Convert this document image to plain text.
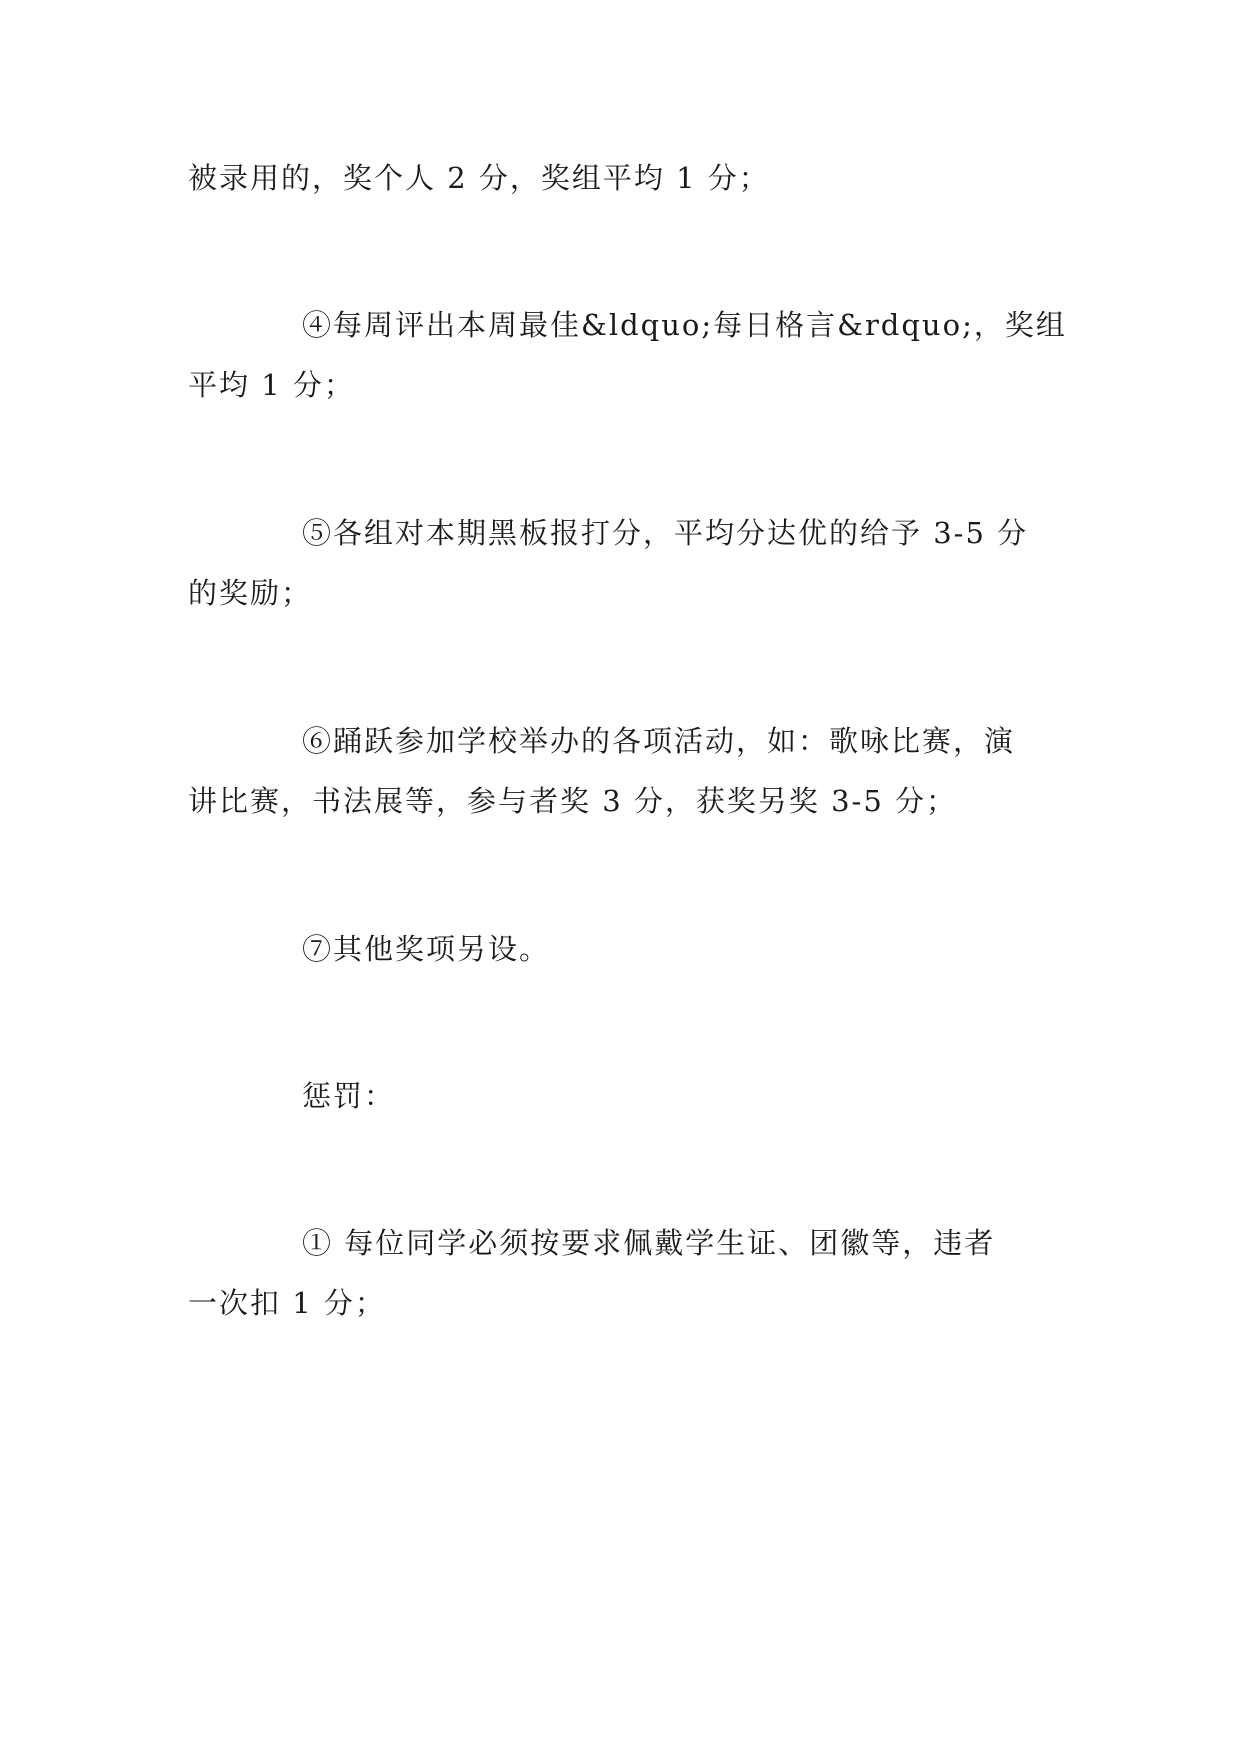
被录用的，奖个人 2 分，奖组平均 1 分；
④每周评出本周最佳&ldquo;每日格言&rdquo;，奖组
平均 1 分；
⑤各组对本期黑板报打分，平均分达优的给予 3-5 分
的奖励；
⑥踊跃参加学校举办的各项活动，如：歌咏比赛，演
讲比赛，书法展等，参与者奖 3 分，获奖另奖 3-5 分；
⑦其他奖项另设。
惩罚：
① 每位同学必须按要求佩戴学生证、团徽等，违者
一次扣 1 分；
